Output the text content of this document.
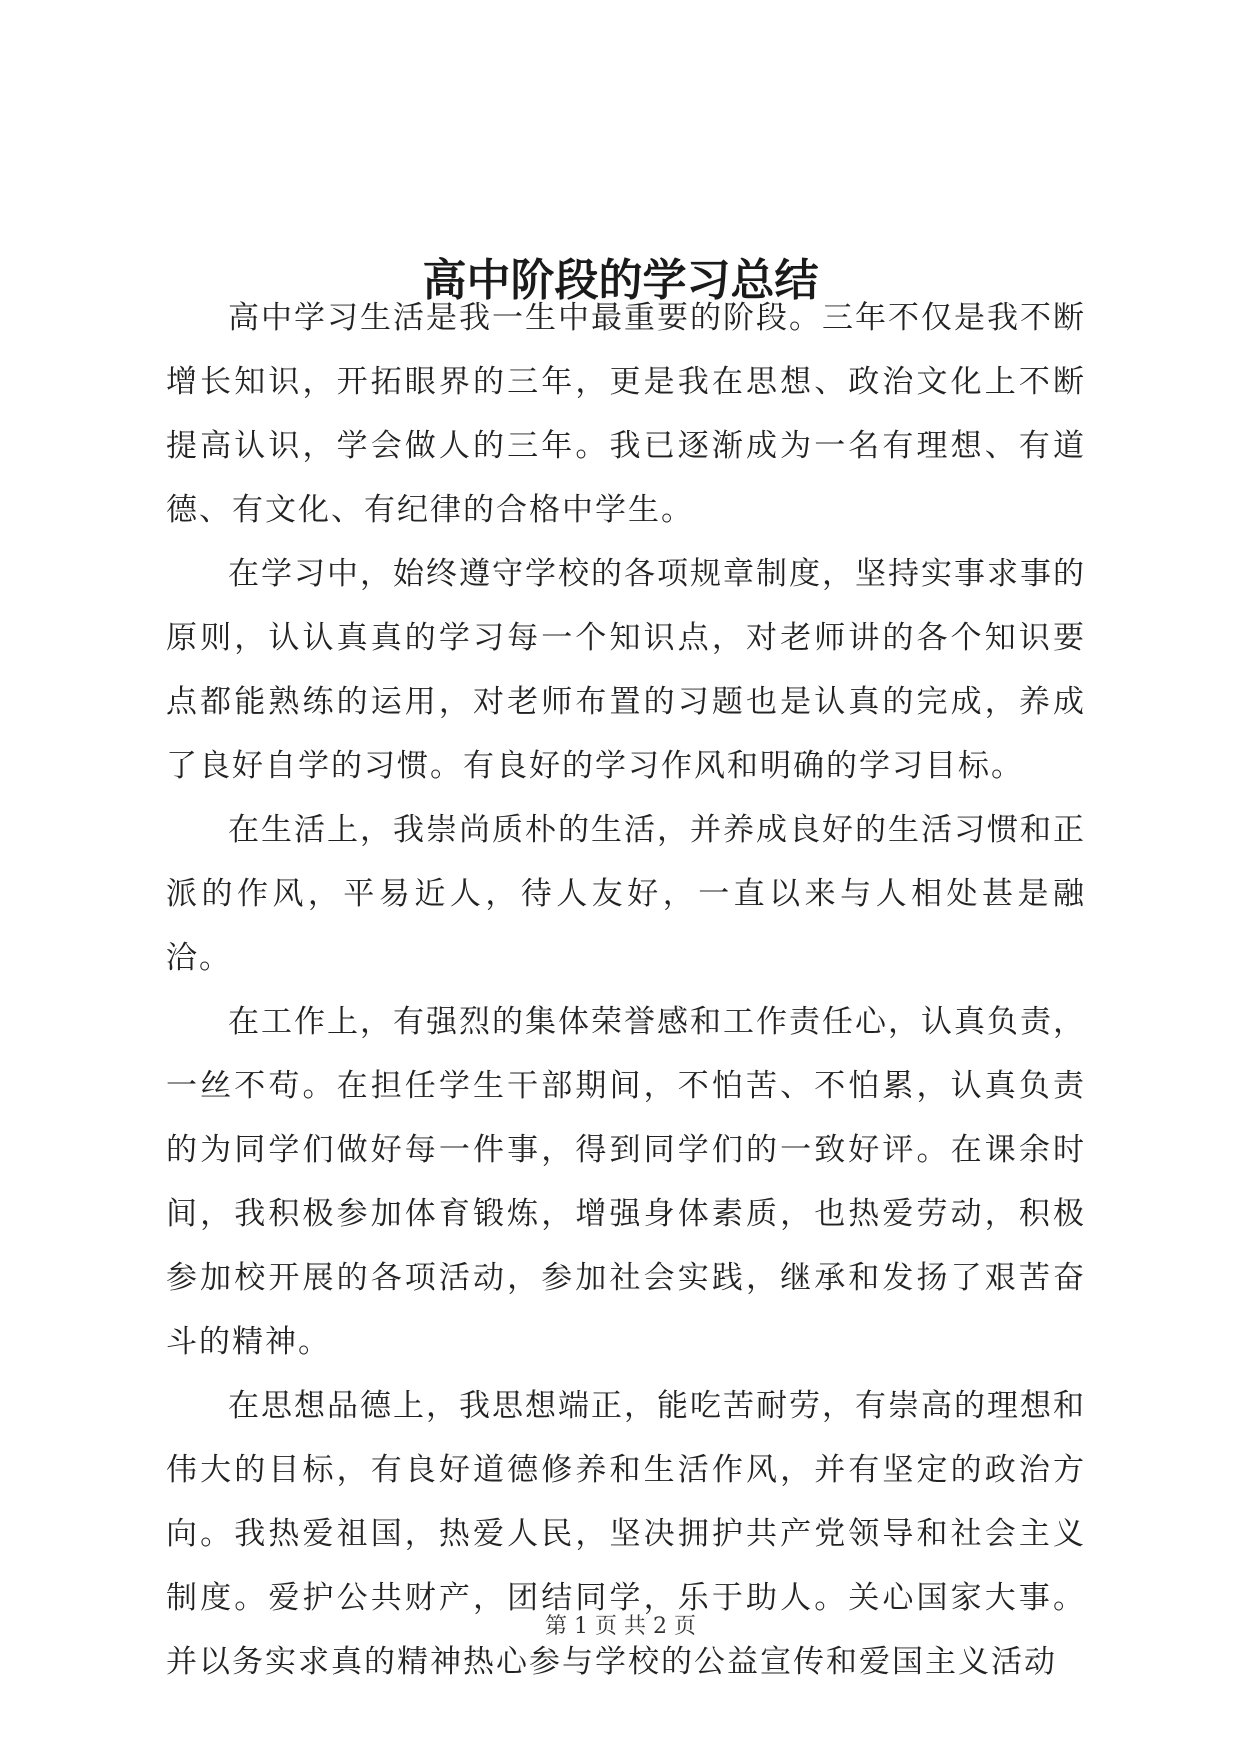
高中阶段的学习总结

高中学习生活是我一生中最重要的阶段。三年不仅是我不断增长知识，开拓眼界的三年，更是我在思想、政治文化上不断提高认识，学会做人的三年。我已逐渐成为一名有理想、有道德、有文化、有纪律的合格中学生。

在学习中，始终遵守学校的各项规章制度，坚持实事求事的原则，认认真真的学习每一个知识点，对老师讲的各个知识要点都能熟练的运用，对老师布置的习题也是认真的完成，养成了良好自学的习惯。有良好的学习作风和明确的学习目标。

在生活上，我崇尚质朴的生活，并养成良好的生活习惯和正派的作风，平易近人，待人友好，一直以来与人相处甚是融洽。

在工作上，有强烈的集体荣誉感和工作责任心，认真负责，一丝不苟。在担任学生干部期间，不怕苦、不怕累，认真负责的为同学们做好每一件事，得到同学们的一致好评。在课余时间，我积极参加体育锻炼，增强身体素质，也热爱劳动，积极参加校开展的各项活动，参加社会实践，继承和发扬了艰苦奋斗的精神。

在思想品德上，我思想端正，能吃苦耐劳，有崇高的理想和伟大的目标，有良好道德修养和生活作风，并有坚定的政治方向。我热爱祖国，热爱人民，坚决拥护共产党领导和社会主义制度。爱护公共财产，团结同学，乐于助人。关心国家大事。并以务实求真的精神热心参与学校的公益宣传和爱国主义活动

第 1 页 共 2 页
